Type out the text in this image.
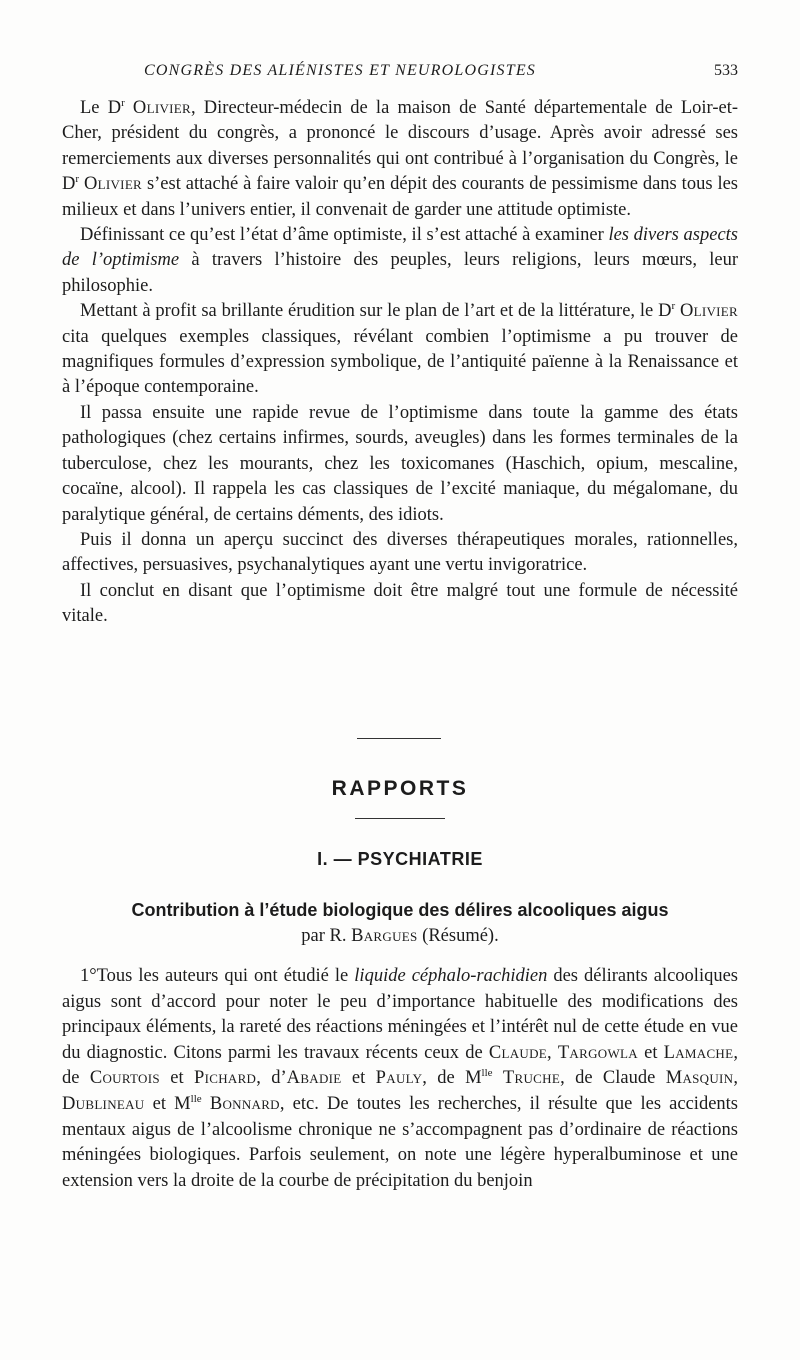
CONGRÈS DES ALIÉNISTES ET NEUROLOGISTES	533

Le $D^r$ Olivier, Directeur-médecin de la maison de Santé départementale de Loir-et-Cher, président du congrès, a prononcé le discours d’usage. Après avoir adressé ses remerciements aux diverses personnalités qui ont contribué à l’organisation du Congrès, le $D^r$ Olivier s’est attaché à faire valoir qu’en dépit des courants de pessimisme dans tous les milieux et dans l’univers entier, il convenait de garder une attitude optimiste.

Définissant ce qu’est l’état d’âme optimiste, il s’est attaché à examiner les divers aspects de l’optimisme à travers l’histoire des peuples, leurs religions, leurs mœurs, leur philosophie.

Mettant à profit sa brillante érudition sur le plan de l’art et de la littérature, le $D^r$ Olivier cita quelques exemples classiques, révélant combien l’optimisme a pu trouver de magnifiques formules d’expression symbolique, de l’antiquité païenne à la Renaissance et à l’époque contemporaine.

Il passa ensuite une rapide revue de l’optimisme dans toute la gamme des états pathologiques (chez certains infirmes, sourds, aveugles) dans les formes terminales de la tuberculose, chez les mourants, chez les toxicomanes (Haschich, opium, mescaline, cocaïne, alcool). Il rappela les cas classiques de l’excité maniaque, du mégalomane, du paralytique général, de certains déments, des idiots.

Puis il donna un aperçu succinct des diverses thérapeutiques morales, rationnelles, affectives, persuasives, psychanalytiques ayant une vertu invigoratrice.

Il conclut en disant que l’optimisme doit être malgré tout une formule de nécessité vitale.

RAPPORTS
I. — PSYCHIATRIE
Contribution à l’étude biologique des délires alcooliques aigus
par R. Bargues (Résumé).

1°Tous les auteurs qui ont étudié le liquide céphalo-rachidien des délirants alcooliques aigus sont d’accord pour noter le peu d’importance habituelle des modifications des principaux éléments, la rareté des réactions méningées et l’intérêt nul de cette étude en vue du diagnostic. Citons parmi les travaux récents ceux de Claude, Targowla et Lamache, de Courtois et Pichard, d’Abadie et Pauly, de $M^{lle}$ Truche, de Claude Masquin, Dublineau et $M^{lle}$ Bonnard, etc. De toutes les recherches, il résulte que les accidents mentaux aigus de l’alcoolisme chronique ne s’accompagnent pas d’ordinaire de réactions méningées biologiques. Parfois seulement, on note une légère hyperalbuminose et une extension vers la droite de la courbe de précipitation du benjoin
